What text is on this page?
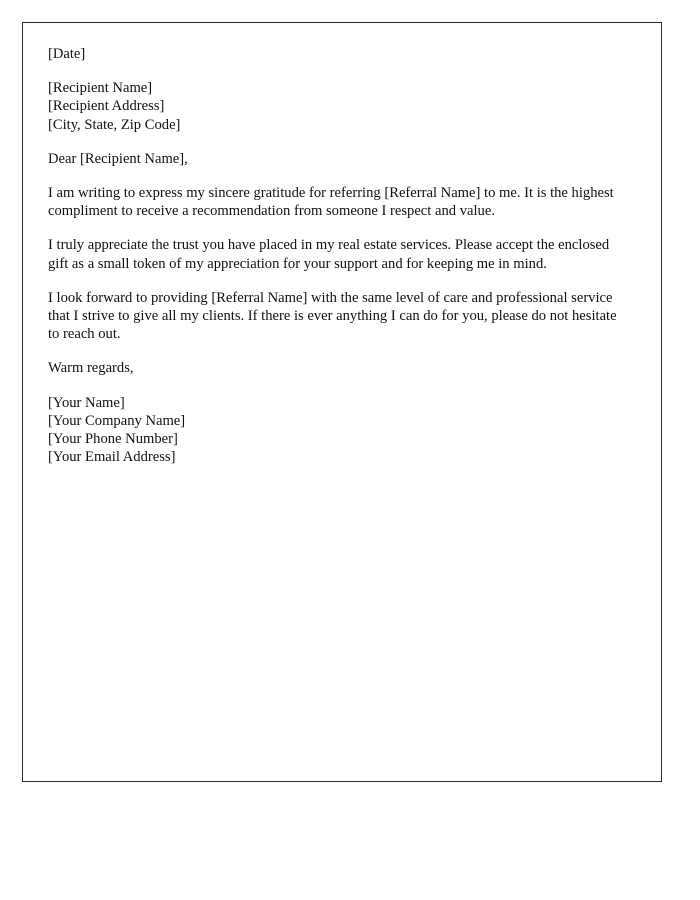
[Date]

[Recipient Name]
[Recipient Address]
[City, State, Zip Code]

Dear [Recipient Name],

I am writing to express my sincere gratitude for referring [Referral Name] to me. It is the highest compliment to receive a recommendation from someone I respect and value.

I truly appreciate the trust you have placed in my real estate services. Please accept the enclosed gift as a small token of my appreciation for your support and for keeping me in mind.

I look forward to providing [Referral Name] with the same level of care and professional service that I strive to give all my clients. If there is ever anything I can do for you, please do not hesitate to reach out.

Warm regards,

[Your Name]
[Your Company Name]
[Your Phone Number]
[Your Email Address]
